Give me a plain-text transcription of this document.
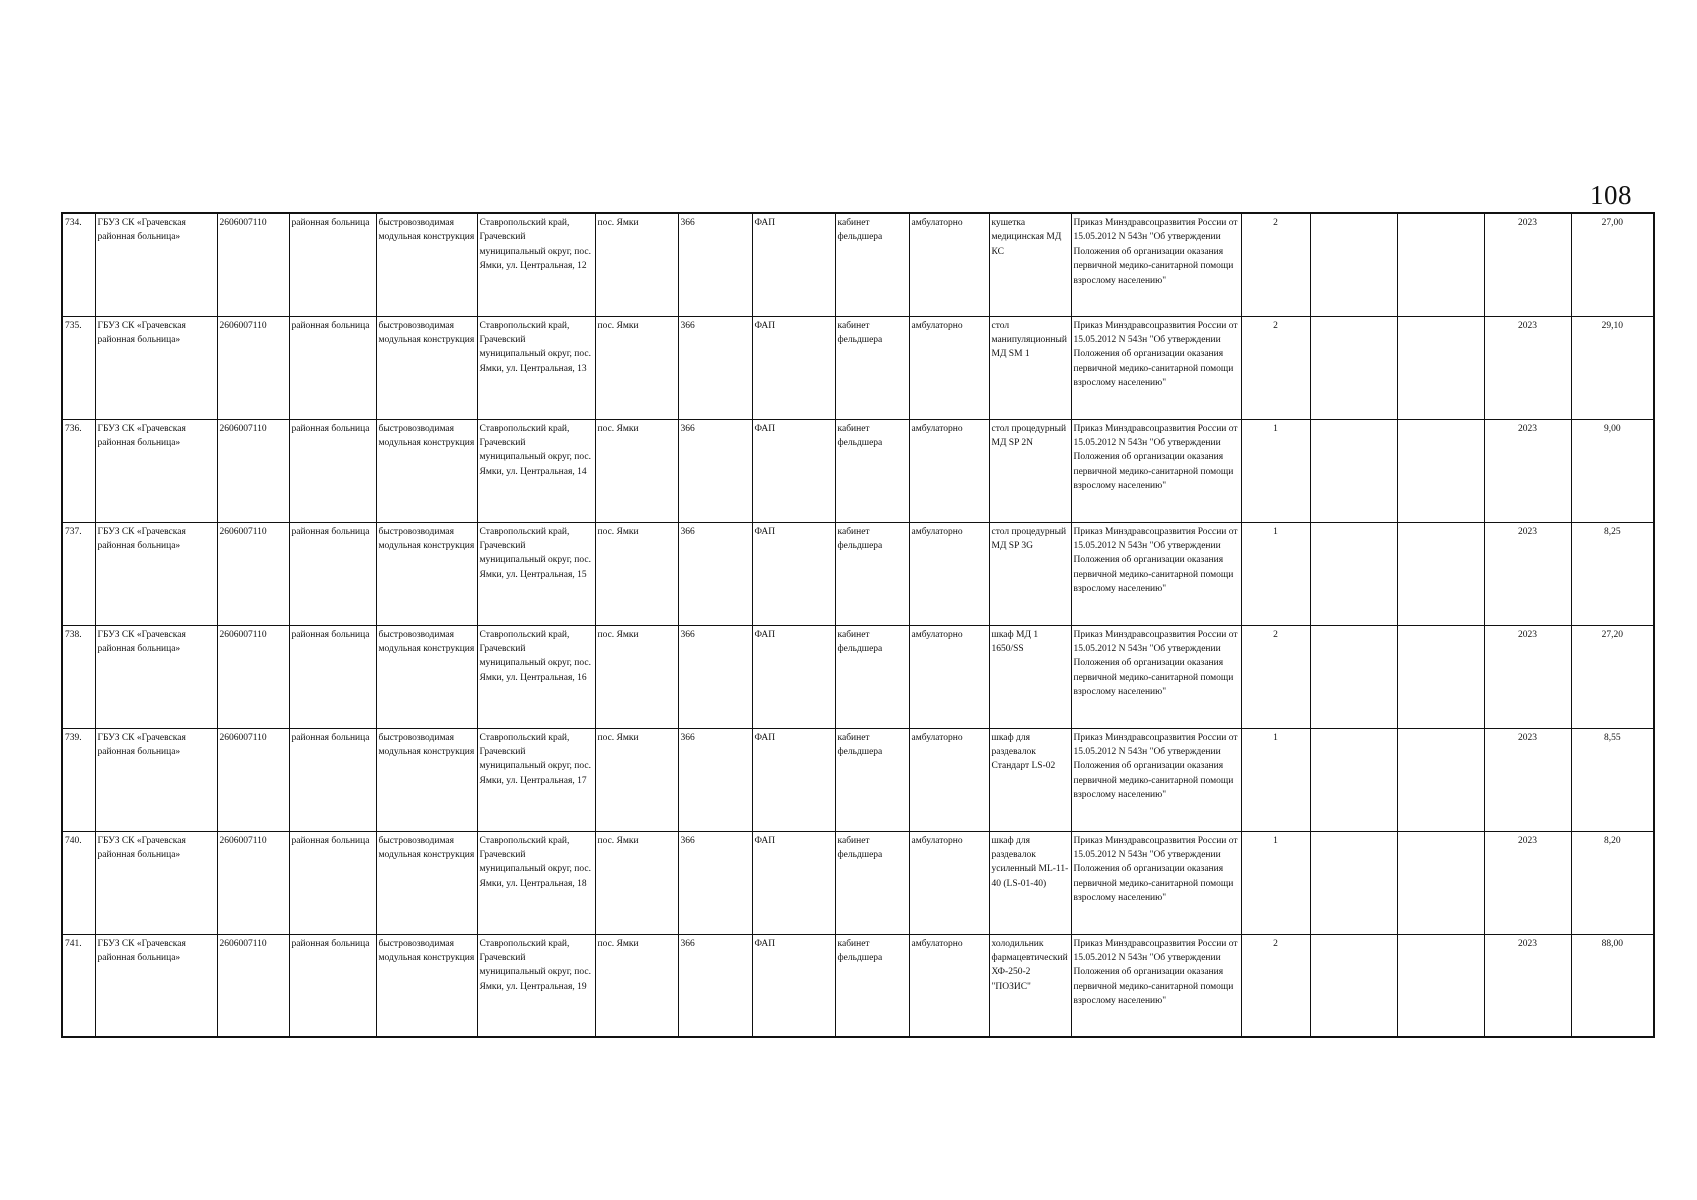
108
734.	ГБУЗ СК «Грачевская районная больница»	2606007110	районная больница	быстровозводимая модульная конструкция	Ставропольский край, Грачевский муниципальный округ, пос. Ямки, ул. Центральная, 12	пос. Ямки	366	ФАП	кабинет фельдшера	амбулаторно	кушетка медицинская МД КС	Приказ Минздравсоцразвития России от 15.05.2012 N 543н "Об утверждении Положения об организации оказания первичной медико-санитарной помощи взрослому населению"	2			2023	27,00
735.	ГБУЗ СК «Грачевская районная больница»	2606007110	районная больница	быстровозводимая модульная конструкция	Ставропольский край, Грачевский муниципальный округ, пос. Ямки, ул. Центральная, 13	пос. Ямки	366	ФАП	кабинет фельдшера	амбулаторно	стол манипуляционный МД SM 1	Приказ Минздравсоцразвития России от 15.05.2012 N 543н "Об утверждении Положения об организации оказания первичной медико-санитарной помощи взрослому населению"	2			2023	29,10
736.	ГБУЗ СК «Грачевская районная больница»	2606007110	районная больница	быстровозводимая модульная конструкция	Ставропольский край, Грачевский муниципальный округ, пос. Ямки, ул. Центральная, 14	пос. Ямки	366	ФАП	кабинет фельдшера	амбулаторно	стол процедурный МД SP 2N	Приказ Минздравсоцразвития России от 15.05.2012 N 543н "Об утверждении Положения об организации оказания первичной медико-санитарной помощи взрослому населению"	1			2023	9,00
737.	ГБУЗ СК «Грачевская районная больница»	2606007110	районная больница	быстровозводимая модульная конструкция	Ставропольский край, Грачевский муниципальный округ, пос. Ямки, ул. Центральная, 15	пос. Ямки	366	ФАП	кабинет фельдшера	амбулаторно	стол процедурный МД SP 3G	Приказ Минздравсоцразвития России от 15.05.2012 N 543н "Об утверждении Положения об организации оказания первичной медико-санитарной помощи взрослому населению"	1			2023	8,25
738.	ГБУЗ СК «Грачевская районная больница»	2606007110	районная больница	быстровозводимая модульная конструкция	Ставропольский край, Грачевский муниципальный округ, пос. Ямки, ул. Центральная, 16	пос. Ямки	366	ФАП	кабинет фельдшера	амбулаторно	шкаф МД 1 1650/SS	Приказ Минздравсоцразвития России от 15.05.2012 N 543н "Об утверждении Положения об организации оказания первичной медико-санитарной помощи взрослому населению"	2			2023	27,20
739.	ГБУЗ СК «Грачевская районная больница»	2606007110	районная больница	быстровозводимая модульная конструкция	Ставропольский край, Грачевский муниципальный округ, пос. Ямки, ул. Центральная, 17	пос. Ямки	366	ФАП	кабинет фельдшера	амбулаторно	шкаф для раздевалок Стандарт LS-02	Приказ Минздравсоцразвития России от 15.05.2012 N 543н "Об утверждении Положения об организации оказания первичной медико-санитарной помощи взрослому населению"	1			2023	8,55
740.	ГБУЗ СК «Грачевская районная больница»	2606007110	районная больница	быстровозводимая модульная конструкция	Ставропольский край, Грачевский муниципальный округ, пос. Ямки, ул. Центральная, 18	пос. Ямки	366	ФАП	кабинет фельдшера	амбулаторно	шкаф для раздевалок усиленный ML-11-40 (LS-01-40)	Приказ Минздравсоцразвития России от 15.05.2012 N 543н "Об утверждении Положения об организации оказания первичной медико-санитарной помощи взрослому населению"	1			2023	8,20
741.	ГБУЗ СК «Грачевская районная больница»	2606007110	районная больница	быстровозводимая модульная конструкция	Ставропольский край, Грачевский муниципальный округ, пос. Ямки, ул. Центральная, 19	пос. Ямки	366	ФАП	кабинет фельдшера	амбулаторно	холодильник фармацевтический ХФ-250-2 "ПОЗИС"	Приказ Минздравсоцразвития России от 15.05.2012 N 543н "Об утверждении Положения об организации оказания первичной медико-санитарной помощи взрослому населению"	2			2023	88,00
